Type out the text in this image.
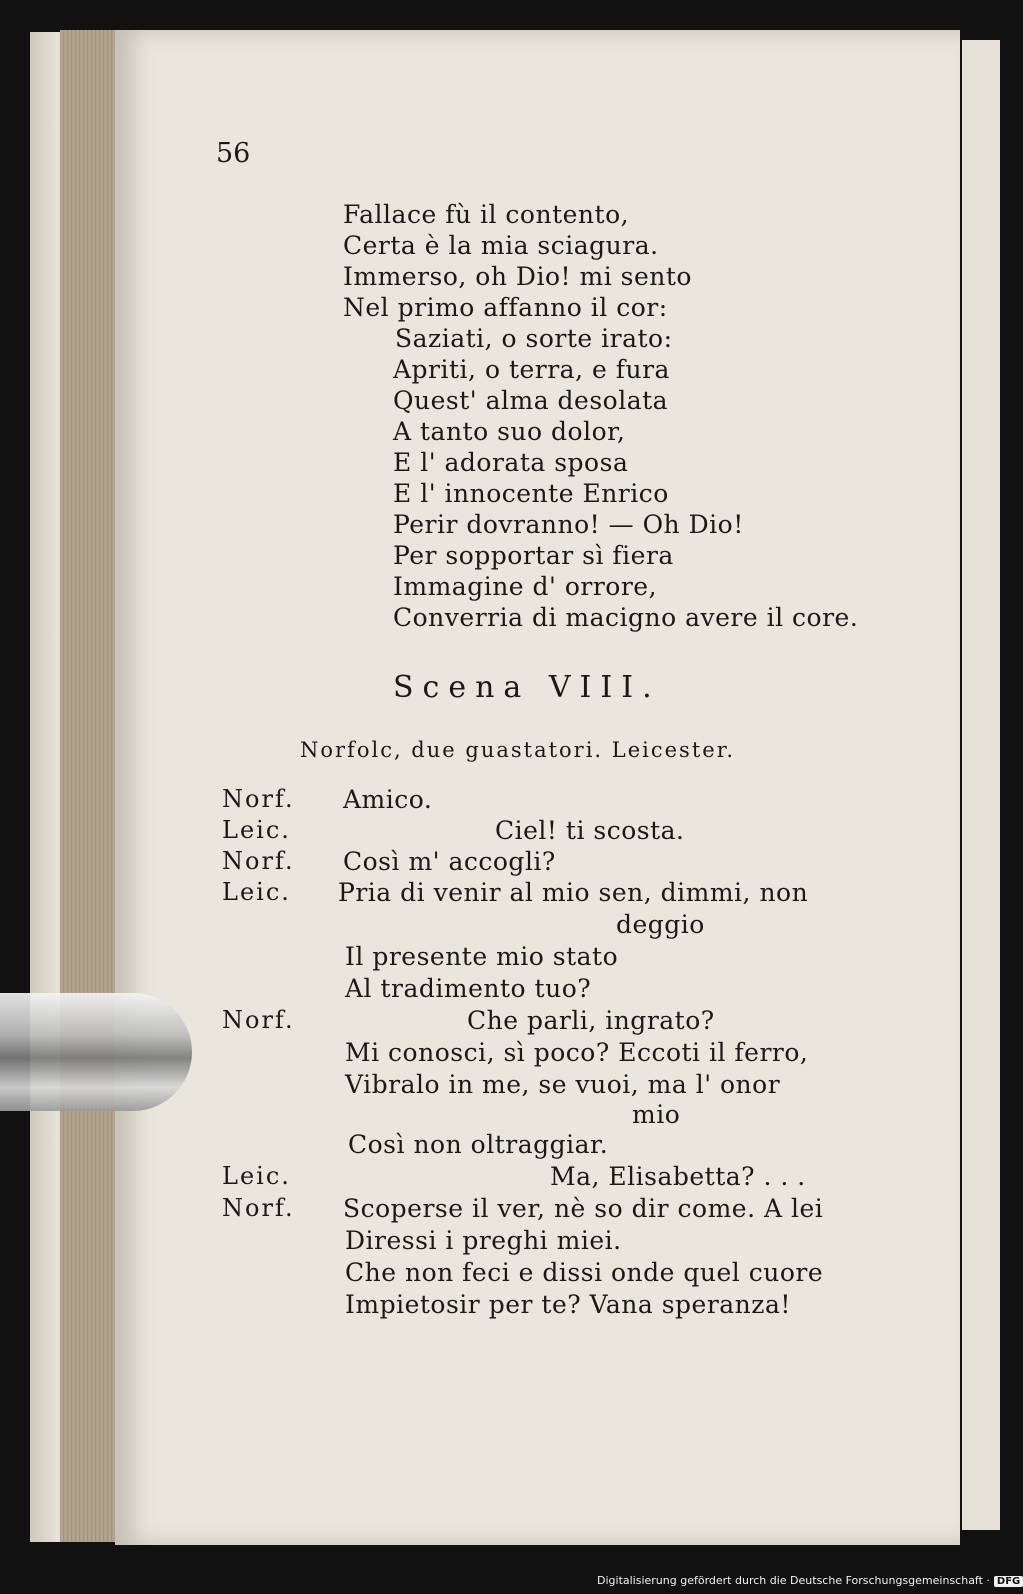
56
Fallace fù il contento,
Certa è la mia sciagura.
Immerso, oh Dio! mi sento
Nel primo affanno il cor:
Saziati, o sorte irato:
Apriti, o terra, e fura
Quest' alma desolata
A tanto suo dolor,
E l' adorata sposa
E l' innocente Enrico
Perir dovranno! — Oh Dio!
Per sopportar sì fiera
Immagine d' orrore,
Converria di macigno avere il core.
Scena VIII.
Norfolc, due guastatori. Leicester.
Norf. Amico.
Leic.	Ciel! ti scosta.
Norf. Così m' accogli?
Leic. Pria di venir al mio sen, dimmi, non
deggio
Il presente mio stato
Al tradimento tuo?
Norf.	Che parli, ingrato?
Mi conosci, sì poco? Eccoti il ferro,
Vibralo in me, se vuoi, ma l' onor
mio
Così non oltraggiar.
Leic.	Ma, Elisabetta? . . .
Norf. Scoperse il ver, nè so dir come. A lei
Diressi i preghi miei.
Che non feci e dissi onde quel cuore
Impietosir per te? Vana speranza!
Digitalisierung gefördert durch die Deutsche Forschungsgemeinschaft · DFG
